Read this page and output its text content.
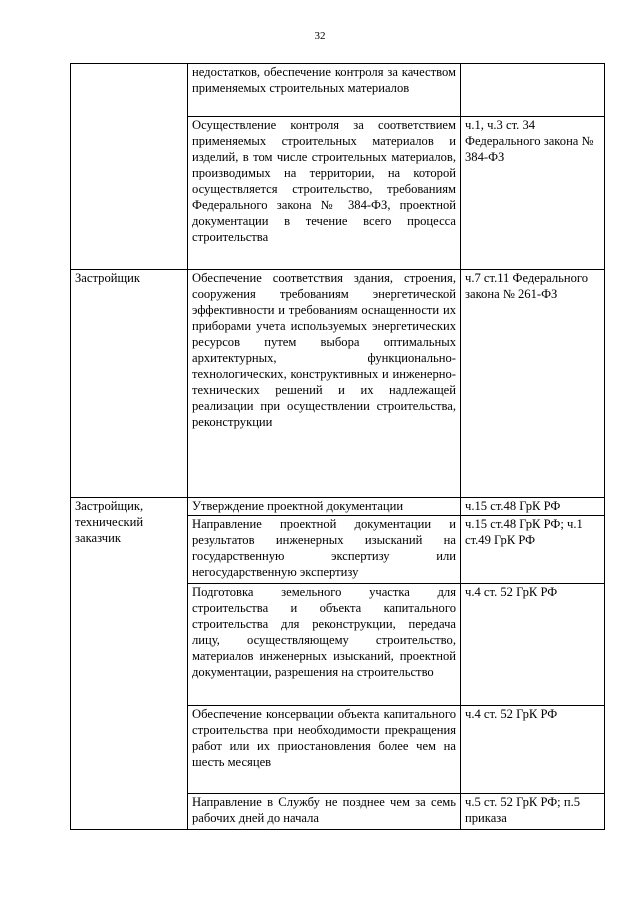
32
	недостатков, обеспечение контроля за качеством применяемых строительных материалов	
	Осуществление контроля за соответствием применяемых строительных материалов и изделий, в том числе строительных материалов, производимых на территории, на которой осуществляется строительство, требованиям Федерального закона № 384-ФЗ, проектной документации в течение всего процесса строительства	ч.1, ч.3 ст. 34 Федерального закона № 384-ФЗ
Застройщик	Обеспечение соответствия здания, строения, сооружения требованиям энергетической эффективности и требованиям оснащенности их приборами учета используемых энергетических ресурсов путем выбора оптимальных архитектурных, функционально-технологических, конструктивных и инженерно-технических решений и их надлежащей реализации при осуществлении строительства, реконструкции	ч.7 ст.11 Федерального закона № 261-ФЗ
Застройщик, технический заказчик	Утверждение проектной документации	ч.15 ст.48 ГрК РФ
	Направление проектной документации и результатов инженерных изысканий на государственную экспертизу или негосударственную экспертизу	ч.15 ст.48 ГрК РФ; ч.1 ст.49 ГрК РФ
	Подготовка земельного участка для строительства и объекта капитального строительства для реконструкции, передача лицу, осуществляющему строительство, материалов инженерных изысканий, проектной документации, разрешения на строительство	ч.4 ст. 52 ГрК РФ
	Обеспечение консервации объекта капитального строительства при необходимости прекращения работ или их приостановления более чем на шесть месяцев	ч.4 ст. 52 ГрК РФ
	Направление в Службу не позднее чем за семь рабочих дней до начала	ч.5 ст. 52 ГрК РФ; п.5 приказа
